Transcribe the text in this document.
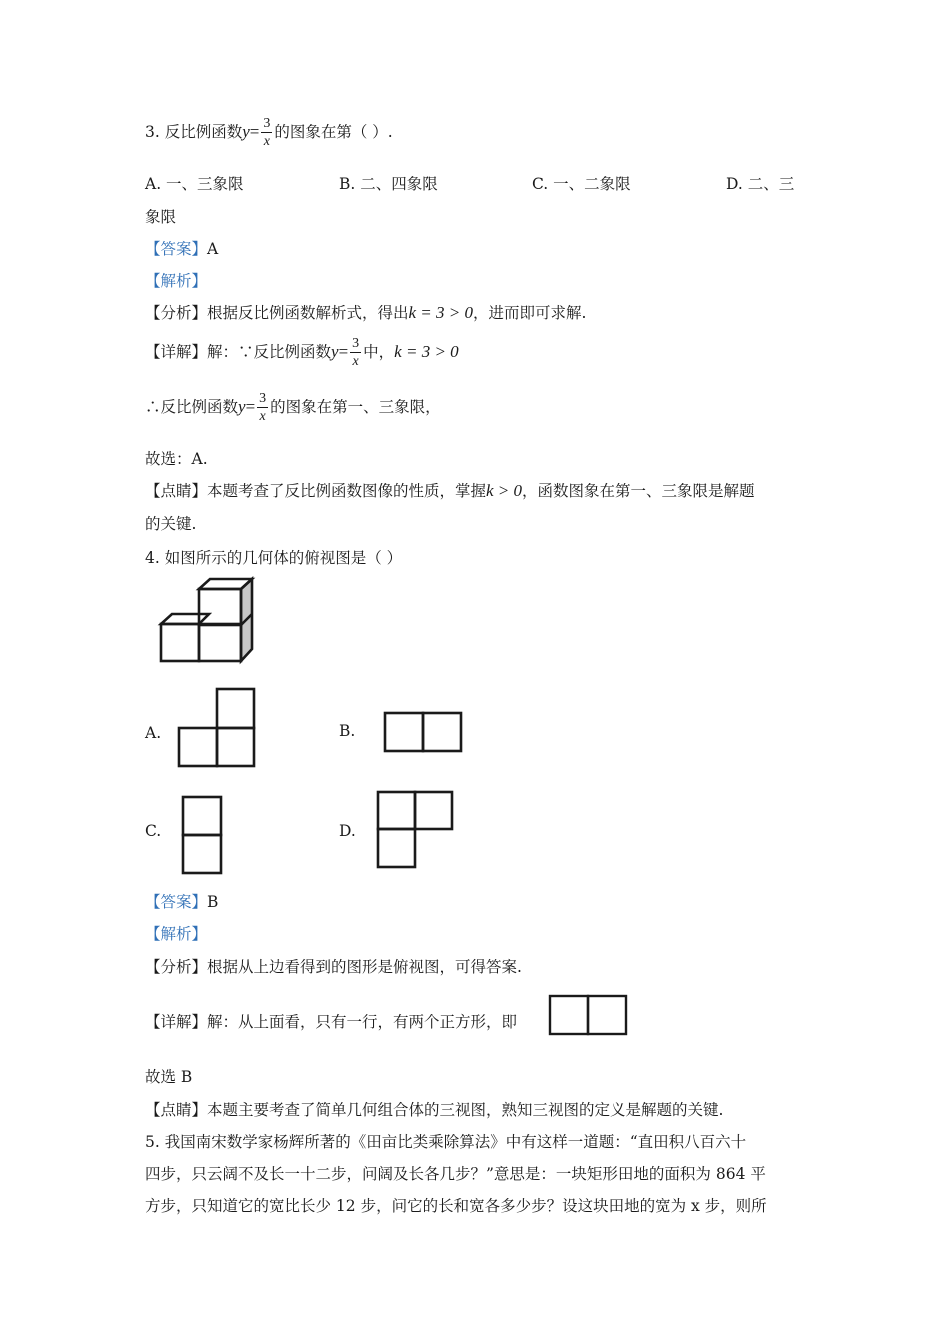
3. 反比例函数$y= \frac{3}{x}$ 的图象在第（ ）.
A. 一、三象限	B. 二、四象限	C. 一、二象限	D. 二、三
象限
【答案】A
【解析】
【分析】根据反比例函数解析式，得出k = 3 > 0，进而即可求解.
【详解】解：∵反比例函数$y= \frac{3}{x}$ 中，k = 3 > 0
∴反比例函数$y= \frac{3}{x}$ 的图象在第一、三象限，
故选：A.
【点睛】本题考查了反比例函数图像的性质，掌握k > 0，函数图象在第一、三象限是解题
的关键.
4. 如图所示的几何体的俯视图是（ ）
A.	B.
C.	D.
【答案】B
【解析】
【分析】根据从上边看得到的图形是俯视图，可得答案.
【详解】解：从上面看，只有一行，有两个正方形，即
故选 B
【点睛】本题主要考查了简单几何组合体的三视图，熟知三视图的定义是解题的关键.
5. 我国南宋数学家杨辉所著的《田亩比类乘除算法》中有这样一道题：“直田积八百六十
四步，只云阔不及长一十二步，问阔及长各几步？”意思是：一块矩形田地的面积为 864 平
方步，只知道它的宽比长少 12 步，问它的长和宽各多少步？设这块田地的宽为 x 步，则所
